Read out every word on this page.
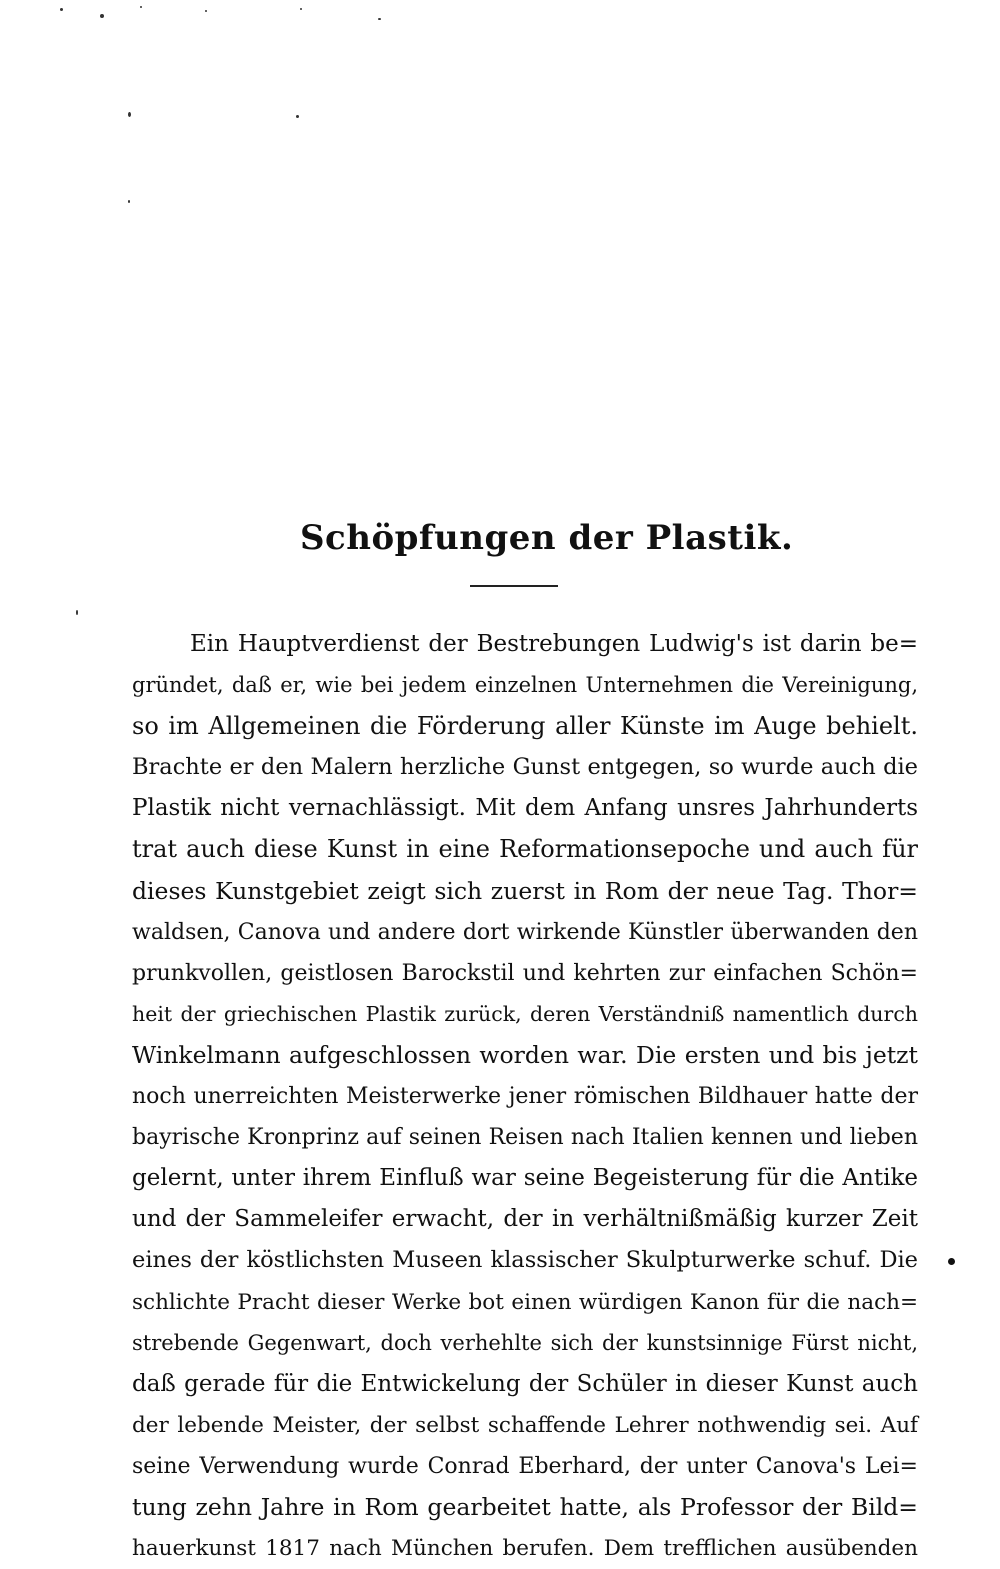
Schöpfungen der Plastik.
Ein Hauptverdienst der Bestrebungen Ludwig's ist darin be=
gründet, daß er, wie bei jedem einzelnen Unternehmen die Vereinigung,
so im Allgemeinen die Förderung aller Künste im Auge behielt.
Brachte er den Malern herzliche Gunst entgegen, so wurde auch die
Plastik nicht vernachlässigt. Mit dem Anfang unsres Jahrhunderts
trat auch diese Kunst in eine Reformationsepoche und auch für
dieses Kunstgebiet zeigt sich zuerst in Rom der neue Tag. Thor=
waldsen, Canova und andere dort wirkende Künstler überwanden den
prunkvollen, geistlosen Barockstil und kehrten zur einfachen Schön=
heit der griechischen Plastik zurück, deren Verständniß namentlich durch
Winkelmann aufgeschlossen worden war. Die ersten und bis jetzt
noch unerreichten Meisterwerke jener römischen Bildhauer hatte der
bayrische Kronprinz auf seinen Reisen nach Italien kennen und lieben
gelernt, unter ihrem Einfluß war seine Begeisterung für die Antike
und der Sammeleifer erwacht, der in verhältnißmäßig kurzer Zeit
eines der köstlichsten Museen klassischer Skulpturwerke schuf. Die
schlichte Pracht dieser Werke bot einen würdigen Kanon für die nach=
strebende Gegenwart, doch verhehlte sich der kunstsinnige Fürst nicht,
daß gerade für die Entwickelung der Schüler in dieser Kunst auch
der lebende Meister, der selbst schaffende Lehrer nothwendig sei. Auf
seine Verwendung wurde Conrad Eberhard, der unter Canova's Lei=
tung zehn Jahre in Rom gearbeitet hatte, als Professor der Bild=
hauerkunst 1817 nach München berufen. Dem trefflichen ausübenden
